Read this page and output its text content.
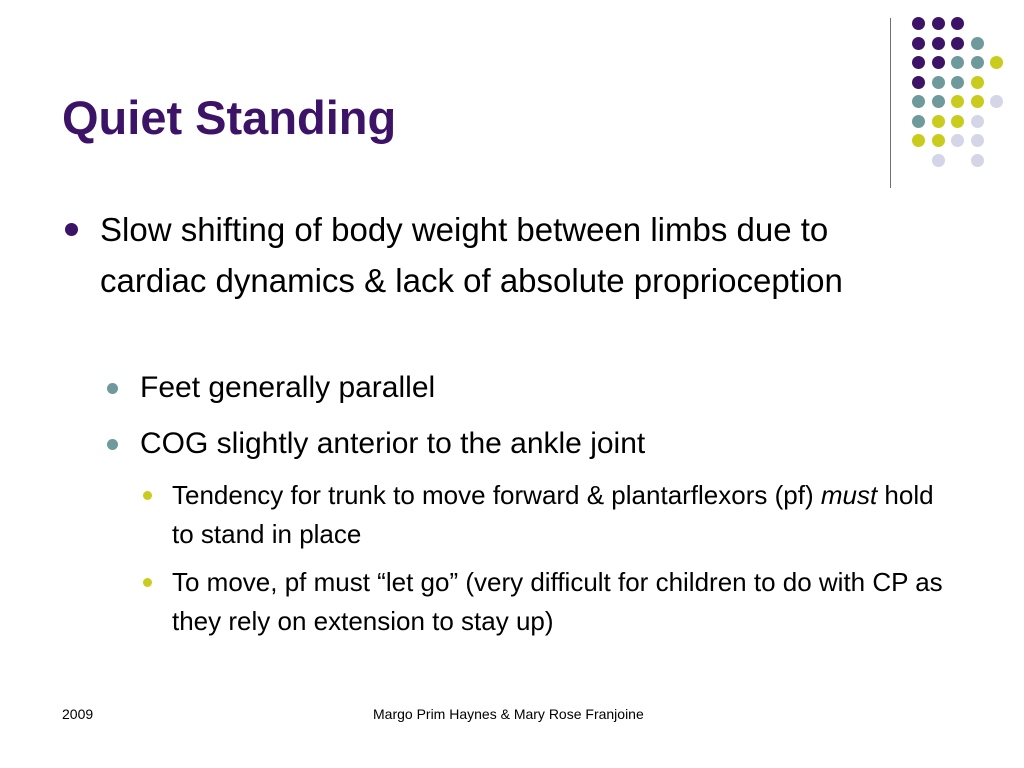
Quiet Standing
Slow shifting of body weight between limbs due to cardiac dynamics & lack of absolute proprioception
Feet generally parallel
COG slightly anterior to the ankle joint
Tendency for trunk to move forward & plantarflexors (pf) must hold to stand in place
To move, pf must “let go” (very difficult for children to do with CP as they rely on extension to stay up)
2009	Margo Prim Haynes & Mary Rose Franjoine
